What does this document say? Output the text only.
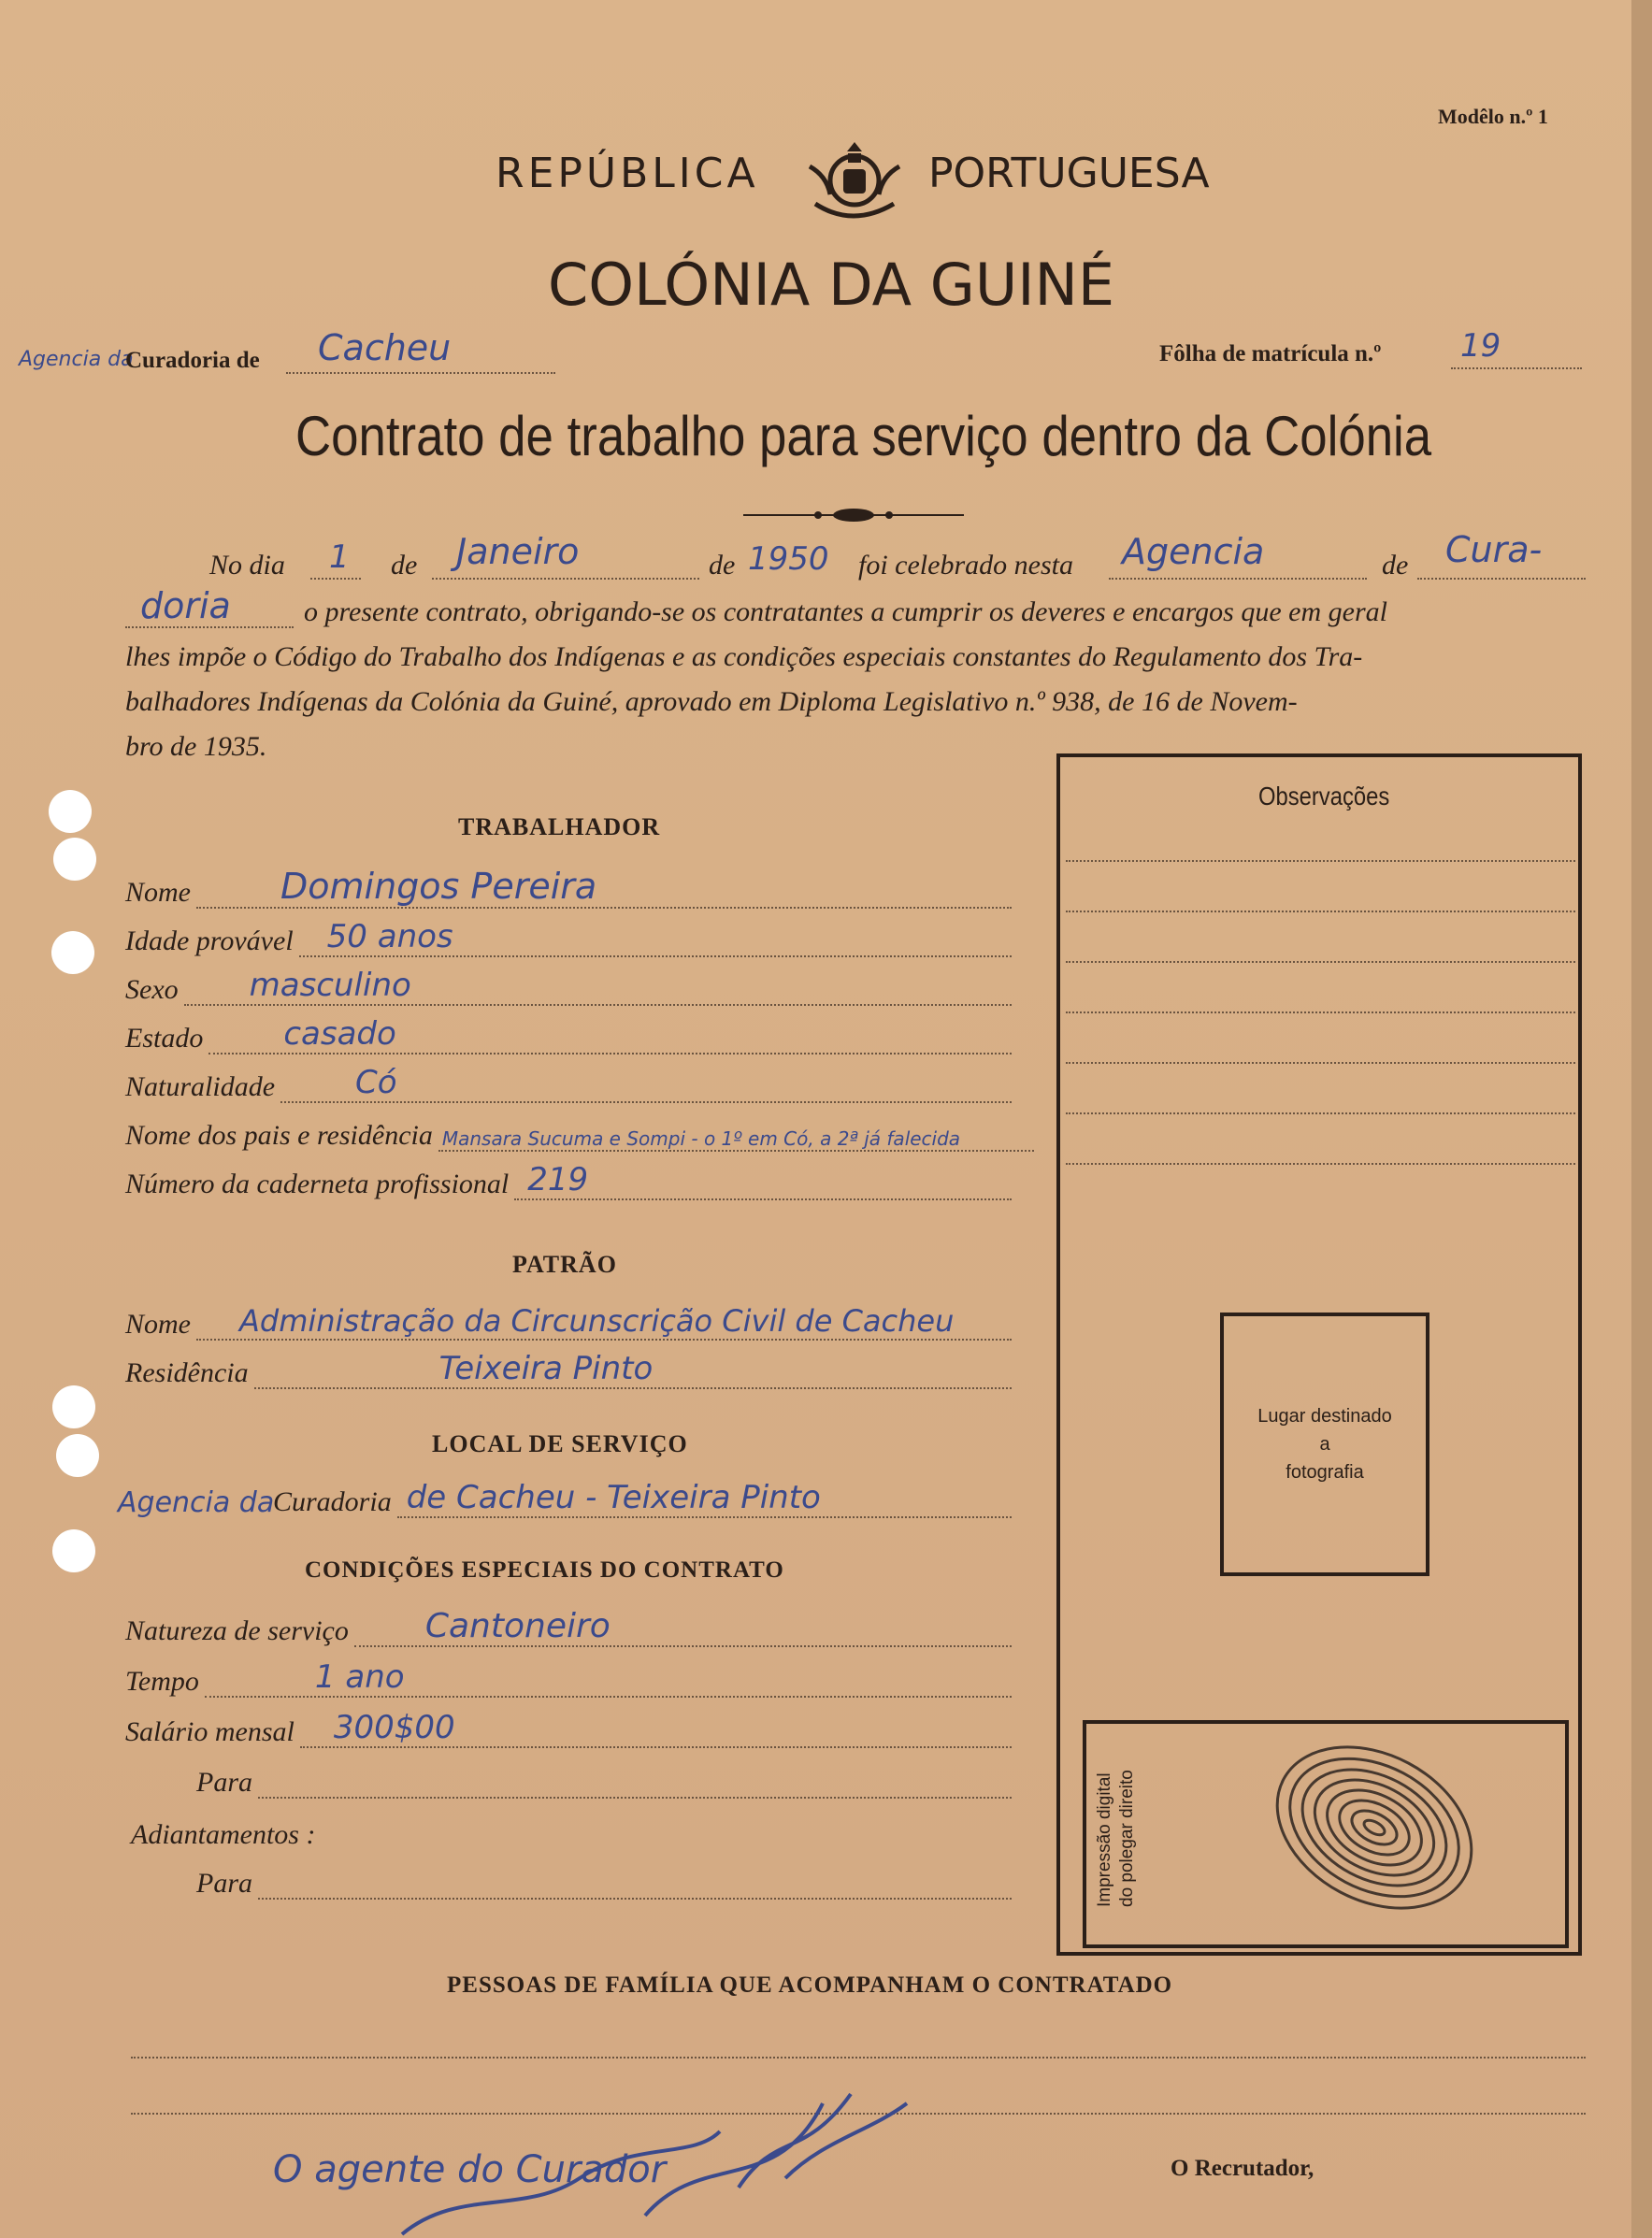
Modêlo n.º 1
REPÚBLICA	PORTUGUESA
COLÓNIA DA GUINÉ
Agencia da
Curadoria de Cacheu	Fôlha de matrícula n.º 19
Contrato de trabalho para serviço dentro da Colónia
No dia 1 de Janeiro	de 1950 foi celebrado nesta Agencia	de Cura-
doria	o presente contrato, obrigando-se os contratantes a cumprir os deveres e encargos que em geral
lhes impõe o Código do Trabalho dos Indígenas e as condições especiais constantes do Regulamento dos Tra-
balhadores Indígenas da Colónia da Guiné, aprovado em Diploma Legislativo n.º 938, de 16 de Novem-
bro de 1935.
TRABALHADOR
Nome	Domingos Pereira
Idade provável 50 anos
Sexo masculino
Estado	casado
Naturalidade	Có
Nome dos pais e residência Mansara Sucuma e Sompi - o 1º em Có, a 2ª já falecida
Número da caderneta profissional 219
PATRÃO
Nome Administração da Circunscrição Civil de Cacheu
Residência	Teixeira Pinto
LOCAL DE SERVIÇO
Agencia da
Curadoria de Cacheu - Teixeira Pinto
CONDIÇÕES ESPECIAIS DO CONTRATO
Natureza de serviço Cantoneiro
Tempo	1 ano
Salário mensal 300$00
Para
Adiantamentos :
Para
Observações
Lugar destinado
a
fotografia
Impressão digital do polegar direito
PESSOAS DE FAMÍLIA QUE ACOMPANHAM O CONTRATADO
O agente do Curador	O Recrutador,
